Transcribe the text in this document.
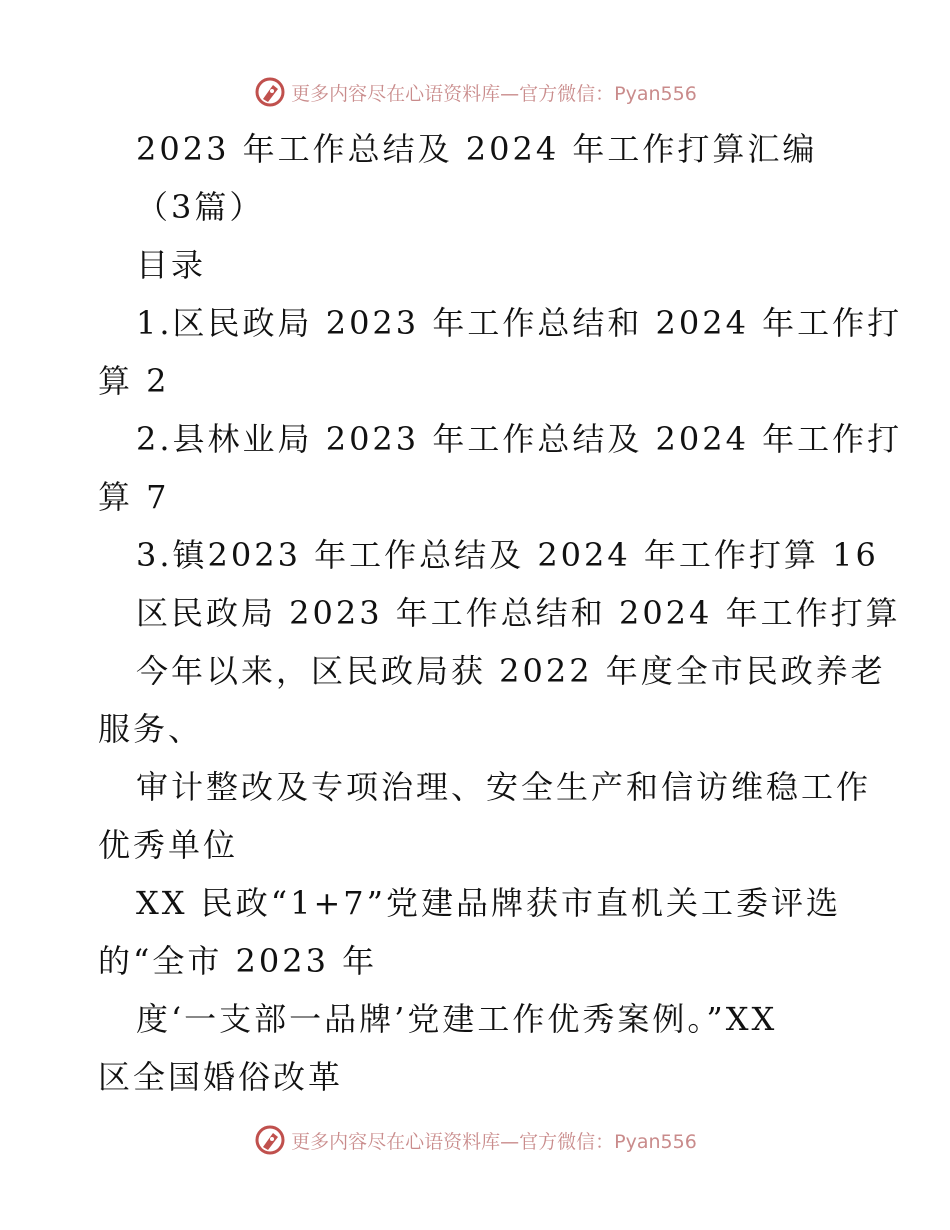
更多内容尽在心语资料库—官方微信：Pyan556

2023 年工作总结及 2024 年工作打算汇编

（3篇）

目录

1.区民政局 2023 年工作总结和 2024 年工作打

算 2

2.县林业局 2023 年工作总结及 2024 年工作打

算 7

3.镇2023 年工作总结及 2024 年工作打算 16

区民政局 2023 年工作总结和 2024 年工作打算

今年以来，区民政局获 2022 年度全市民政养老

服务、

审计整改及专项治理、安全生产和信访维稳工作

优秀单位

XX 民政“1+7”党建品牌获市直机关工委评选

的“全市 2023 年

度‘一支部一品牌’党建工作优秀案例。”XX

区全国婚俗改革

更多内容尽在心语资料库—官方微信：Pyan556
